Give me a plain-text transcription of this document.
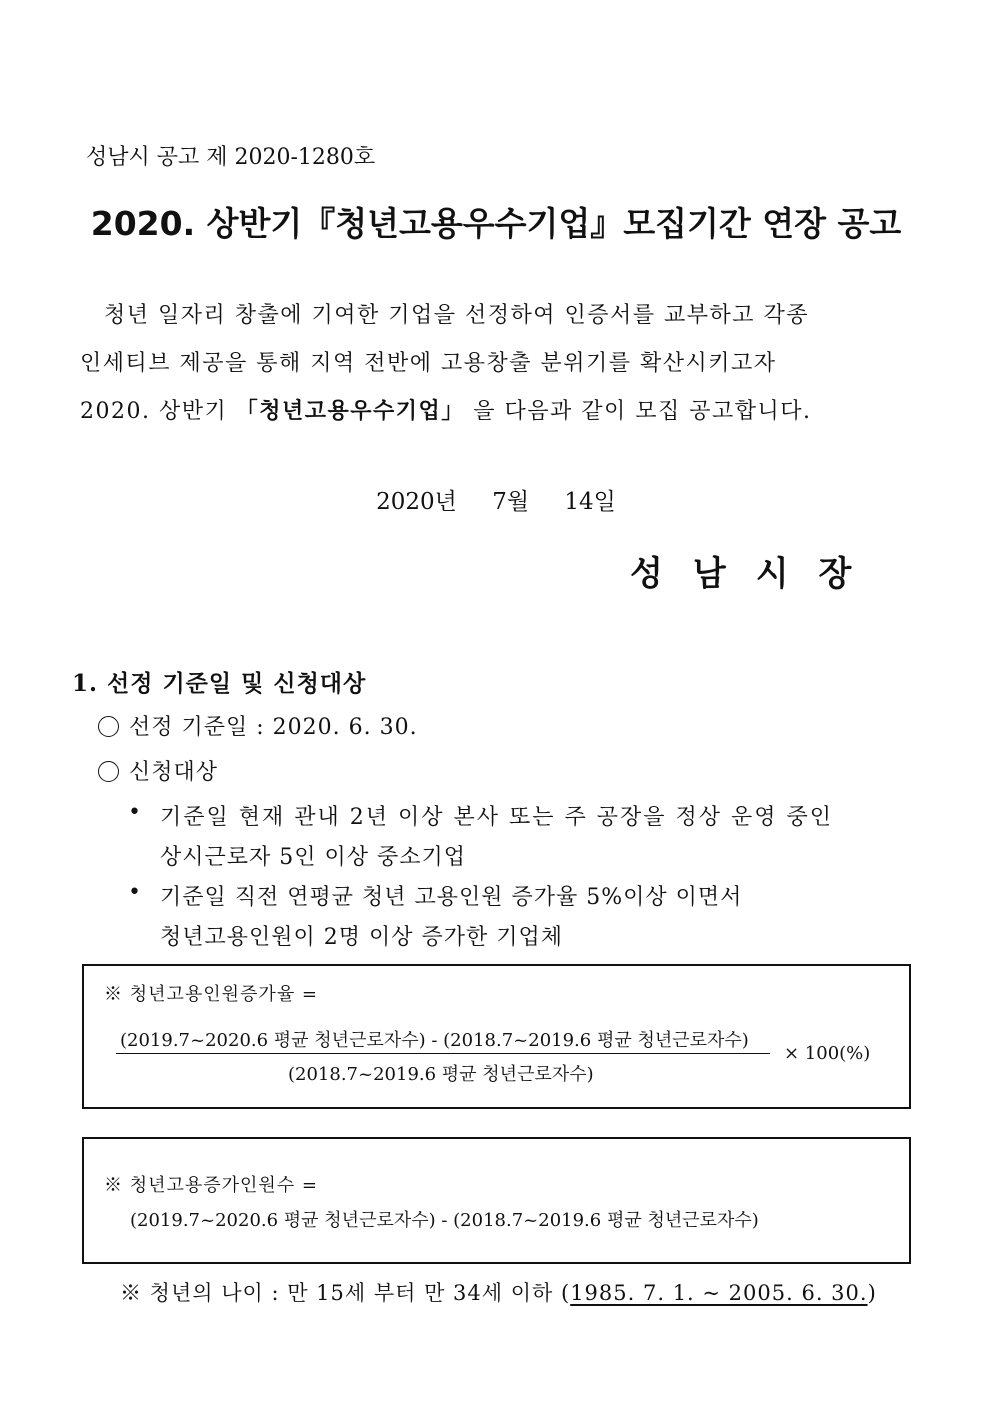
성남시 공고 제 2020-1280호
2020. 상반기『청년고용우수기업』모집기간 연장 공고
청년 일자리 창출에 기여한 기업을 선정하여 인증서를 교부하고 각종
인세티브 제공을 통해 지역 전반에 고용창출 분위기를 확산시키고자
2020. 상반기 「청년고용우수기업」 을 다음과 같이 모집 공고합니다.
2020년 7월 14일
성남시장
1. 선정 기준일 및 신청대상
선정 기준일 : 2020. 6. 30.
신청대상
• 기준일 현재 관내 2년 이상 본사 또는 주 공장을 정상 운영 중인
상시근로자 5인 이상 중소기업
• 기준일 직전 연평균 청년 고용인원 증가율 5%이상 이면서
청년고용인원이 2명 이상 증가한 기업체
※ 청년고용인원증가율 =
(2019.7~2020.6 평균 청년근로자수) - (2018.7~2019.6 평균 청년근로자수)
(2018.7~2019.6 평균 청년근로자수)
× 100(%)
※ 청년고용증가인원수 =
(2019.7~2020.6 평균 청년근로자수) - (2018.7~2019.6 평균 청년근로자수)
※ 청년의 나이 : 만 15세 부터 만 34세 이하 (1985. 7. 1. ~ 2005. 6. 30.)
